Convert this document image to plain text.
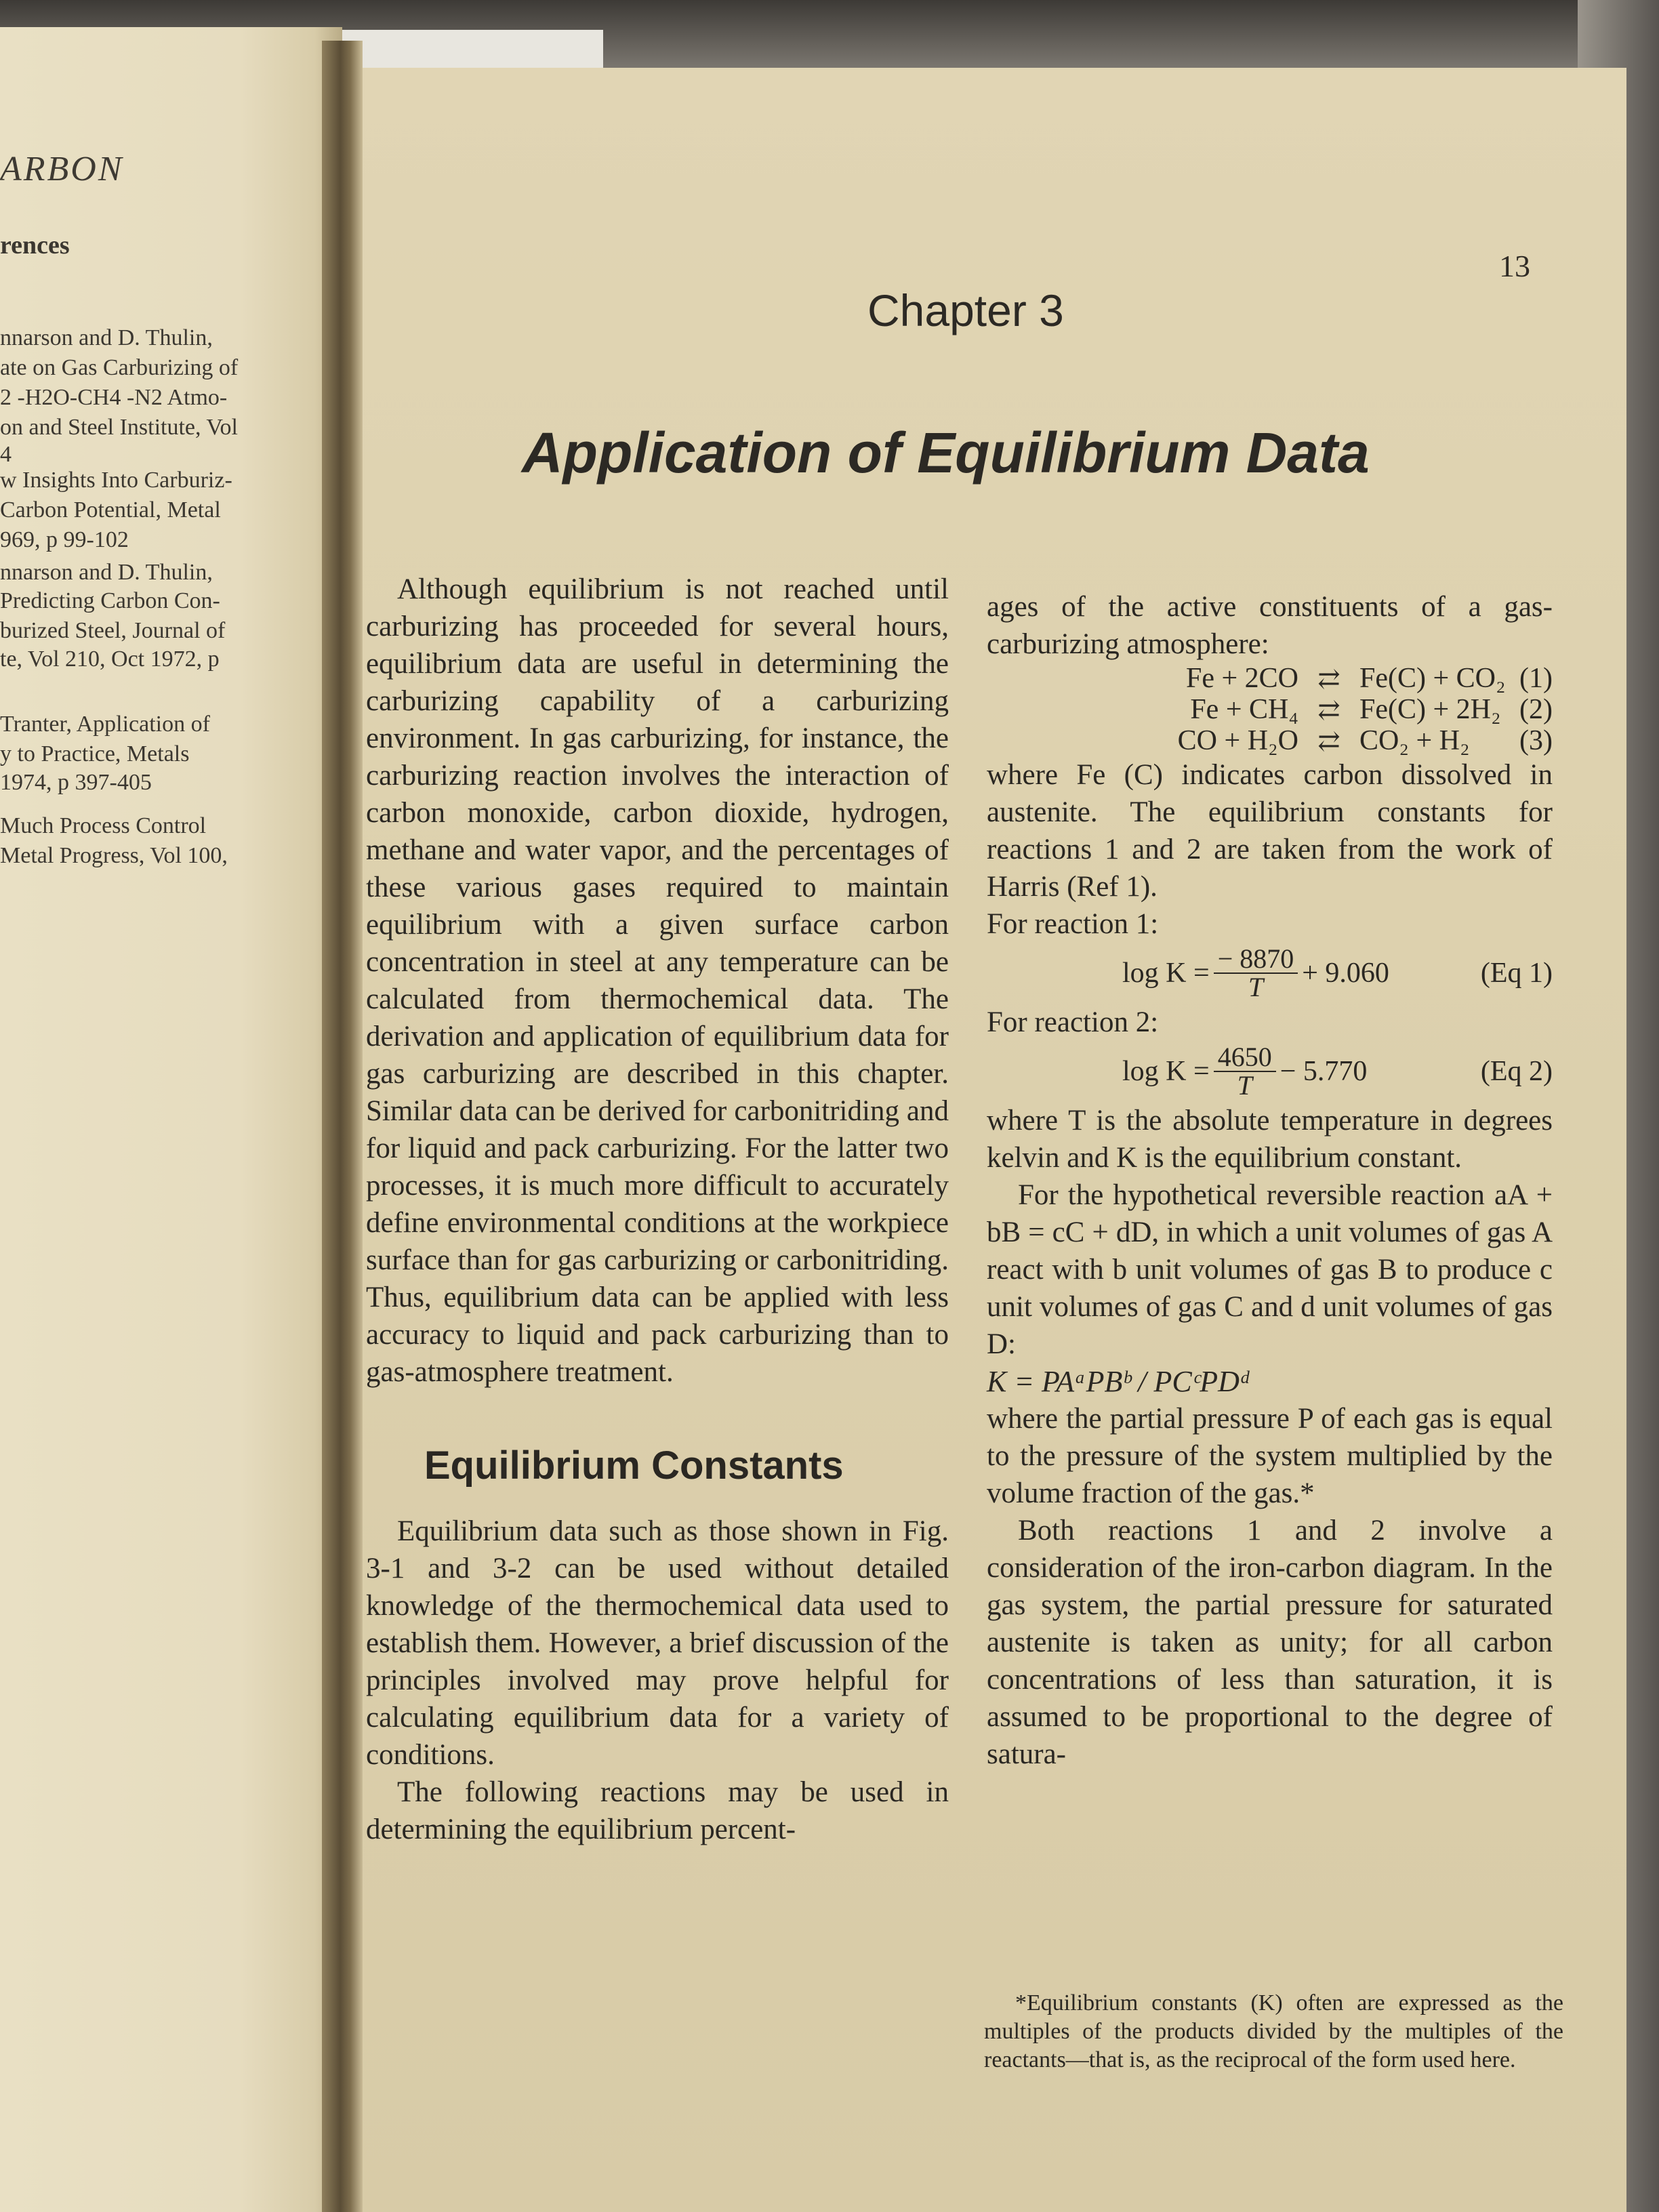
ARBON
rences
nnarson and D. Thulin,
ate on Gas Carburizing of
2 -H2O-CH4 -N2 Atmo-
on and Steel Institute, Vol
4
w Insights Into Carburiz-
Carbon Potential, Metal
969, p 99-102
nnarson and D. Thulin,
Predicting Carbon Con-
burized Steel, Journal of
te, Vol 210, Oct 1972, p
Tranter, Application of
y to Practice, Metals
1974, p 397-405
Much Process Control
Metal Progress, Vol 100,
13
Chapter 3
Application of Equilibrium Data

Although equilibrium is not reached until carburizing has proceeded for several hours, equilibrium data are useful in determining the carburizing capability of a carburizing environment. In gas carburizing, for instance, the carburizing reaction involves the interaction of carbon monoxide, carbon dioxide, hydrogen, methane and water vapor, and the percentages of these various gases required to maintain equilibrium with a given surface carbon concentration in steel at any temperature can be calculated from thermochemical data. The derivation and application of equilibrium data for gas carburizing are described in this chapter. Similar data can be derived for carbonitriding and for liquid and pack carburizing. For the latter two processes, it is much more difficult to accurately define environmental conditions at the workpiece surface than for gas carburizing or carbonitriding. Thus, equilibrium data can be applied with less accuracy to liquid and pack carburizing than to gas-atmosphere treatment.

Equilibrium Constants

Equilibrium data such as those shown in Fig. 3-1 and 3-2 can be used without detailed knowledge of the thermochemical data used to establish them. However, a brief discussion of the principles involved may prove helpful for calculating equilibrium data for a variety of conditions.

The following reactions may be used in determining the equilibrium percent-

ages of the active constituents of a gas-carburizing atmosphere:

Fe + 2CO ⇄ Fe(C) + CO₂ (1)
Fe + CH₄ ⇄ Fe(C) + 2H₂ (2)
CO + H₂O ⇄ CO₂ + H₂	(3)

where Fe (C) indicates carbon dissolved in austenite. The equilibrium constants for reactions 1 and 2 are taken from the work of Harris (Ref 1).

For reaction 1:

$\log K = \frac{- 8870}{T} + 9.060$	(Eq 1)

For reaction 2:

$\log K = \frac{4650}{T} - 5.770$	(Eq 2)

where T is the absolute temperature in degrees kelvin and K is the equilibrium constant.

For the hypothetical reversible reaction aA + bB = cC + dD, in which a unit volumes of gas A react with b unit volumes of gas B to produce c unit volumes of gas C and d unit volumes of gas D:

K = PAᵃPBᵇ / PCᶜPDᵈ

where the partial pressure P of each gas is equal to the pressure of the system multiplied by the volume fraction of the gas.*

Both reactions 1 and 2 involve a consideration of the iron-carbon diagram. In the gas system, the partial pressure for saturated austenite is taken as unity; for all carbon concentrations of less than saturation, it is assumed to be proportional to the degree of satura-

*Equilibrium constants (K) often are expressed as the multiples of the products divided by the multiples of the reactants—that is, as the reciprocal of the form used here.
